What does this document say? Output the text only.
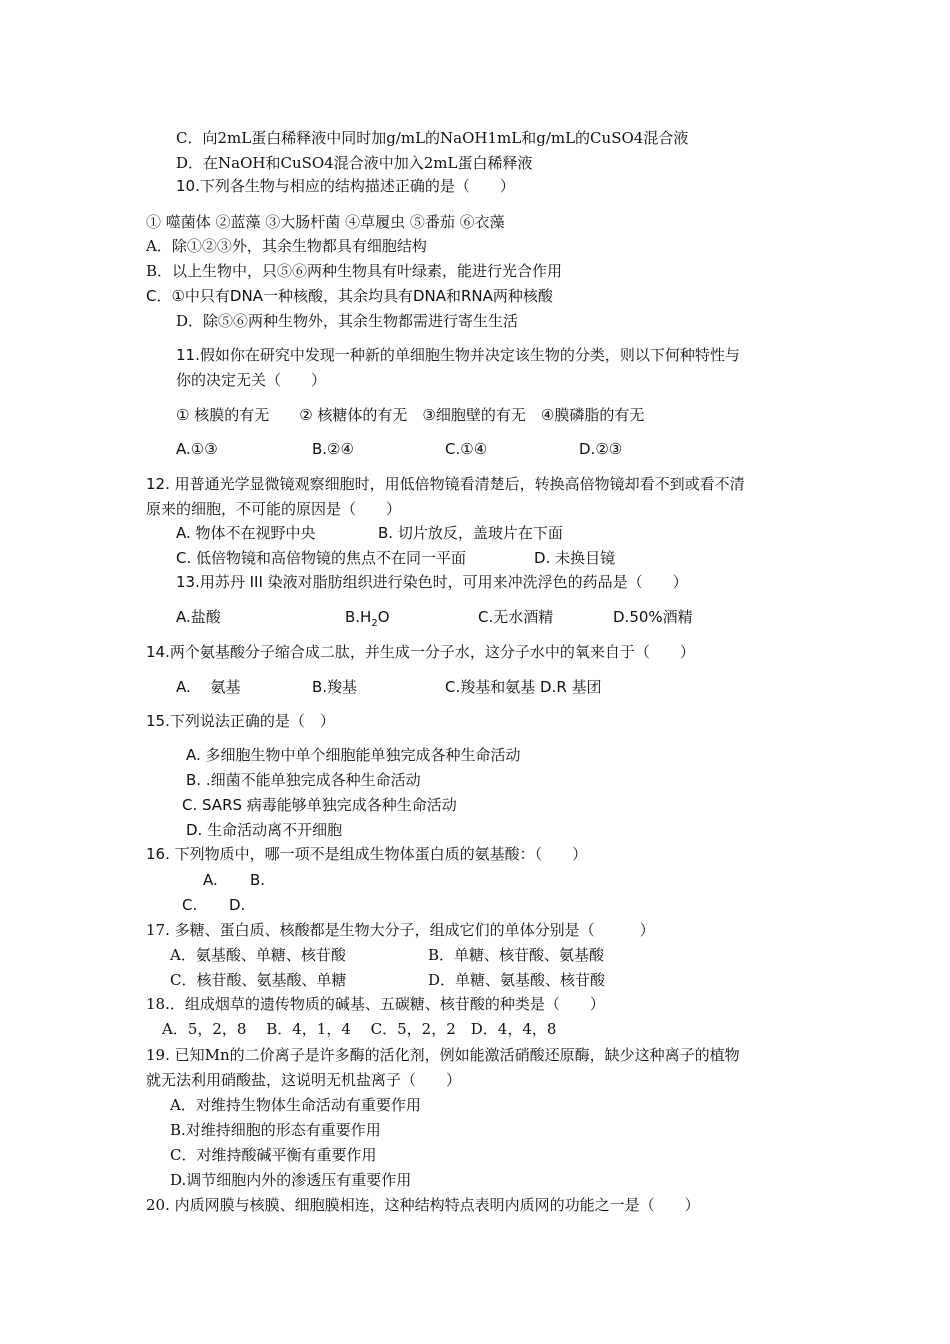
C．向2mL蛋白稀释液中同时加g/mL的NaOH1mL和g/mL的CuSO4混合液
D．在NaOH和CuSO4混合液中加入2mL蛋白稀释液
10.下列各生物与相应的结构描述正确的是（　　）
① 噬菌体 ②蓝藻 ③大肠杆菌 ④草履虫 ⑤番茄 ⑥衣藻
A．除①②③外，其余生物都具有细胞结构
B．以上生物中，只⑤⑥两种生物具有叶绿素，能进行光合作用
C．①中只有DNA一种核酸，其余均具有DNA和RNA两种核酸
D．除⑤⑥两种生物外，其余生物都需进行寄生生活
11.假如你在研究中发现一种新的单细胞生物并决定该生物的分类，则以下何种特性与
你的决定无关（　　）
① 核膜的有无　　② 核糖体的有无　③细胞壁的有无　④膜磷脂的有无
A.①③	B.②④	C.①④	D.②③
12. 用普通光学显微镜观察细胞时，用低倍物镜看清楚后，转换高倍物镜却看不到或看不清
原来的细胞，不可能的原因是（　　）
A. 物体不在视野中央	B. 切片放反，盖玻片在下面
C. 低倍物镜和高倍物镜的焦点不在同一平面	D. 未换目镜
13.用苏丹 III 染液对脂肪组织进行染色时，可用来冲洗浮色的药品是（　　）
A.盐酸	$B.H_2O$	C.无水酒精	D.50%酒精
14.两个氨基酸分子缩合成二肽，并生成一分子水，这分子水中的氧来自于（　　）
A.　 氨基	B.羧基	C.羧基和氨基 D.R 基团
15.下列说法正确的是（　）
A. 多细胞生物中单个细胞能单独完成各种生命活动
B. .细菌不能单独完成各种生命活动
C. SARS 病毒能够单独完成各种生命活动
D. 生命活动离不开细胞
16. 下列物质中，哪一项不是组成生物体蛋白质的氨基酸：（　　）
A. B.
C. D.
17. 多糖、蛋白质、核酸都是生物大分子，组成它们的单体分别是（　　　）
A．氨基酸、单糖、核苷酸	B．单糖、核苷酸、氨基酸
C．核苷酸、氨基酸、单糖	D．单糖、氨基酸、核苷酸
18.．组成烟草的遗传物质的碱基、五碳糖、核苷酸的种类是（　　）
A．5，2，8　 B．4，1，4　 C．5，2，2　D．4，4，8
19. 已知Mn的二价离子是许多酶的活化剂，例如能激活硝酸还原酶，缺少这种离子的植物
就无法利用硝酸盐，这说明无机盐离子（　　）
A．对维持生物体生命活动有重要作用
B.对维持细胞的形态有重要作用
C．对维持酸碱平衡有重要作用
D.调节细胞内外的渗透压有重要作用
20. 内质网膜与核膜、细胞膜相连，这种结构特点表明内质网的功能之一是（　　）
